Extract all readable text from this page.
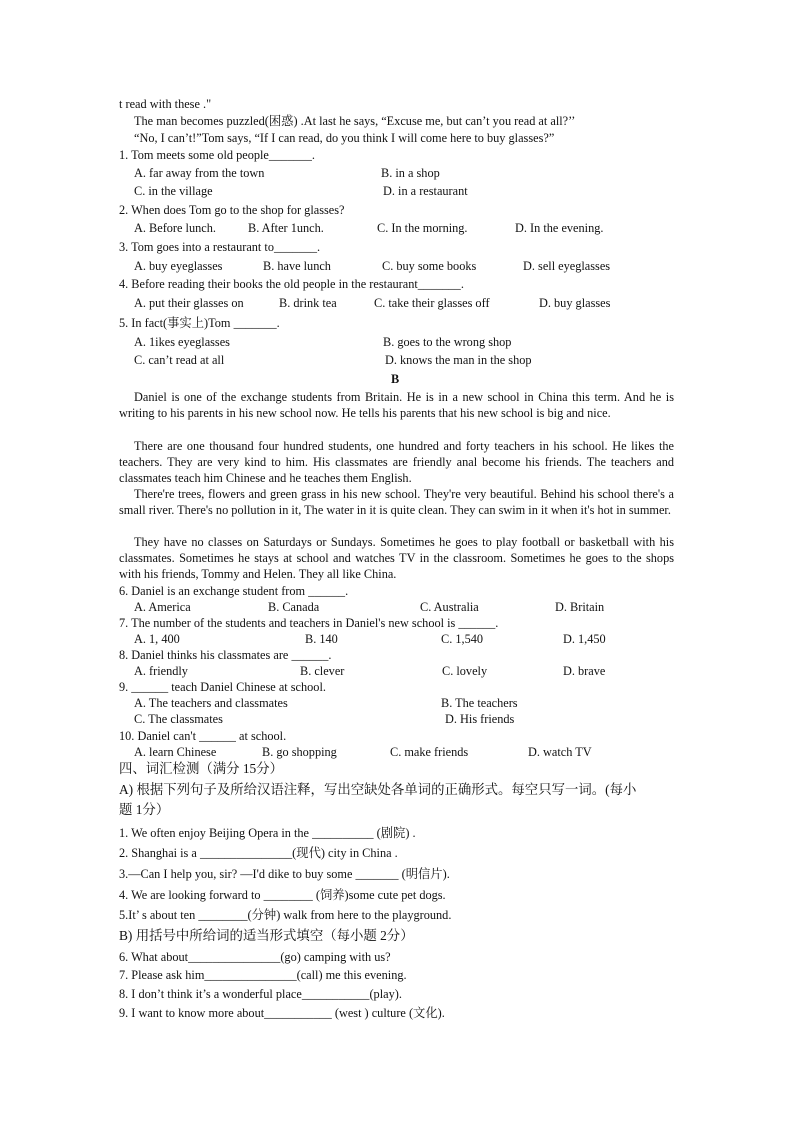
t read with these ."
The man becomes puzzled(困惑) .At last he says, “Excuse me, but can’t you read at all?’’
“No, I can’t!”Tom says, “If I can read, do you think I will come here to buy glasses?”
1. Tom meets some old people_______.
A. far away from the town	B. in a shop
C. in the village	D. in a restaurant
2. When does Tom go to the shop for glasses?
A. Before lunch.	B. After 1unch.	C. In the morning.	D. In the evening.
3. Tom goes into a restaurant to_______.
A. buy eyeglasses	B. have lunch	C. buy some books	D. sell eyeglasses
4. Before reading their books the old people in the restaurant_______.
A. put their glasses on	B. drink tea	C. take their glasses off	D. buy glasses
5. In fact(事实上)Tom _______.
A. 1ikes eyeglasses	B. goes to the wrong shop
C. can’t read at all	D. knows the man in the shop
B
Daniel is one of the exchange students from Britain. He is in a new school in China this term. And he is writing to his parents in his new school now. He tells his parents that his new school is big and nice.
There are one thousand four hundred students, one hundred and forty teachers in his school. He likes the teachers. They are very kind to him. His classmates are friendly anal become his friends. The teachers and classmates teach him Chinese and he teaches them English.
There're trees, flowers and green grass in his new school. They're very beautiful. Behind his school there's a small river. There's no pollution in it, The water in it is quite clean. They can swim in it when it's hot in summer.
They have no classes on Saturdays or Sundays. Sometimes he goes to play football or basketball with his classmates. Sometimes he stays at school and watches TV in the classroom. Sometimes he goes to the shops with his friends, Tommy and Helen. They all like China.
6. Daniel is an exchange student from ______.
A. America	B. Canada	C. Australia	D. Britain
7. The number of the students and teachers in Daniel's new school is ______.
A. 1, 400	B. 140	C. 1,540	D. 1,450
8. Daniel thinks his classmates are ______.
A. friendly	B. clever	C. lovely	D. brave
9. ______ teach Daniel Chinese at school.
A. The teachers and classmates	B. The teachers
C. The classmates	D. His friends
10. Daniel can't ______ at school.
A. learn Chinese	B. go shopping	C. make friends	D. watch TV
四、词汇检测（满分 15分）
A) 根据下列句子及所给汉语注释，写出空缺处各单词的正确形式。每空只写一词。(每小
题 1分）
1. We often enjoy Beijing Opera in the __________ (剧院) .
2. Shanghai is a _______________(现代) city in China .
3.—Can I help you, sir? —I'd dike to buy some _______ (明信片).
4. We are looking forward to ________ (饲养)some cute pet dogs.
5.It’ s about ten ________(分钟) walk from here to the playground.
B) 用括号中所给词的适当形式填空（每小题 2分）
6. What about_______________(go) camping with us?
7. Please ask him_______________(call) me this evening.
8. I don’t think it’s a wonderful place___________(play).
9. I want to know more about___________ (west ) culture (文化).
